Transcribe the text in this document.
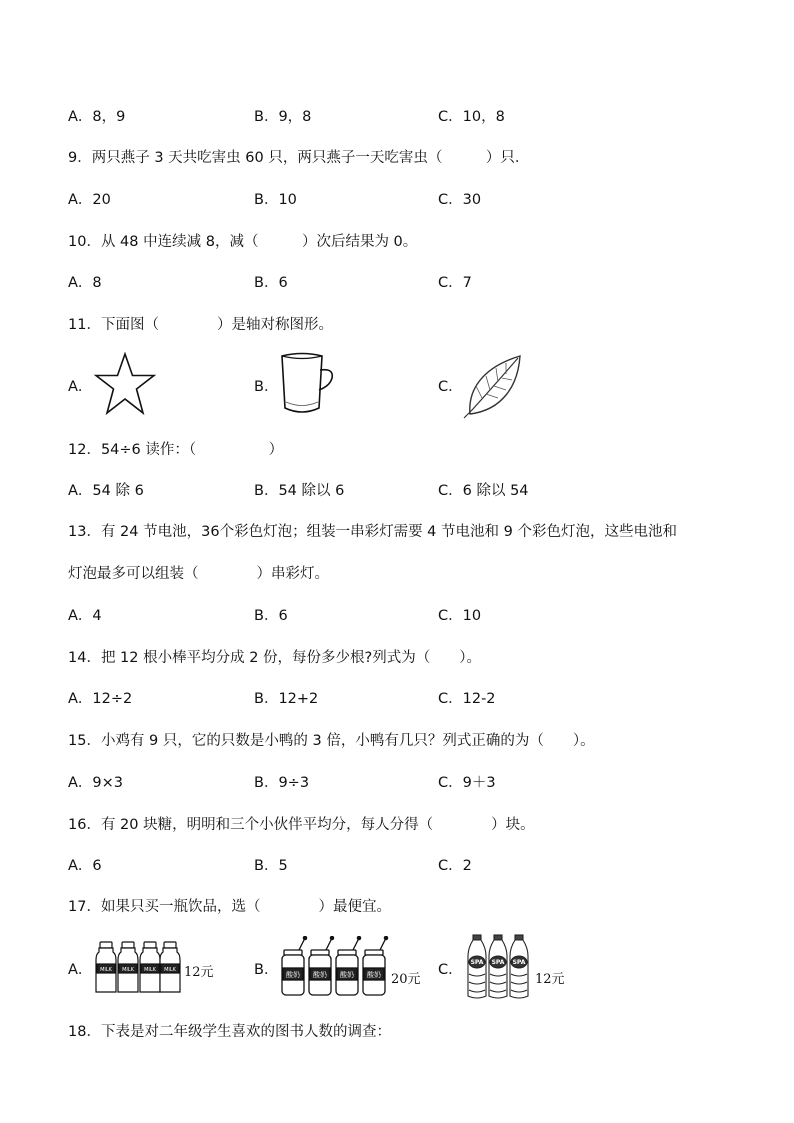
A．8，9	B．9，8	C．10，8
9．两只燕子 3 天共吃害虫 60 只，两只燕子一天吃害虫（　　　）只．
A．20	B．10	C．30
10．从 48 中连续减 8，减（　　　）次后结果为 0。
A．8	B．6	C．7
11．下面图（　　　　）是轴对称图形。
A．	B．	C．
12．54÷6 读作：（　　　　　）
A．54 除 6	B．54 除以 6	C．6 除以 54
13．有 24 节电池，36个彩色灯泡；组装一串彩灯需要 4 节电池和 9 个彩色灯泡，这些电池和
灯泡最多可以组装（　　　　）串彩灯。
A．4	B．6	C．10
14．把 12 根小棒平均分成 2 份，每份多少根?列式为（　　）。
A．12÷2	B．12+2	C．12-2
15．小鸡有 9 只，它的只数是小鸭的 3 倍，小鸭有几只？列式正确的为（　　）。
A．9×3	B．9÷3	C．9＋3
16．有 20 块糖，明明和三个小伙伴平均分，每人分得（　　　　）块。
A．6	B．5	C．2
17．如果只买一瓶饮品，选（　　　　）最便宜。
A． MILK MILK MILK MILK 12元	B． 酸奶 酸奶 酸奶 酸奶 20元
C． SPA SPA SPA
12元
18．下表是对二年级学生喜欢的图书人数的调查：
